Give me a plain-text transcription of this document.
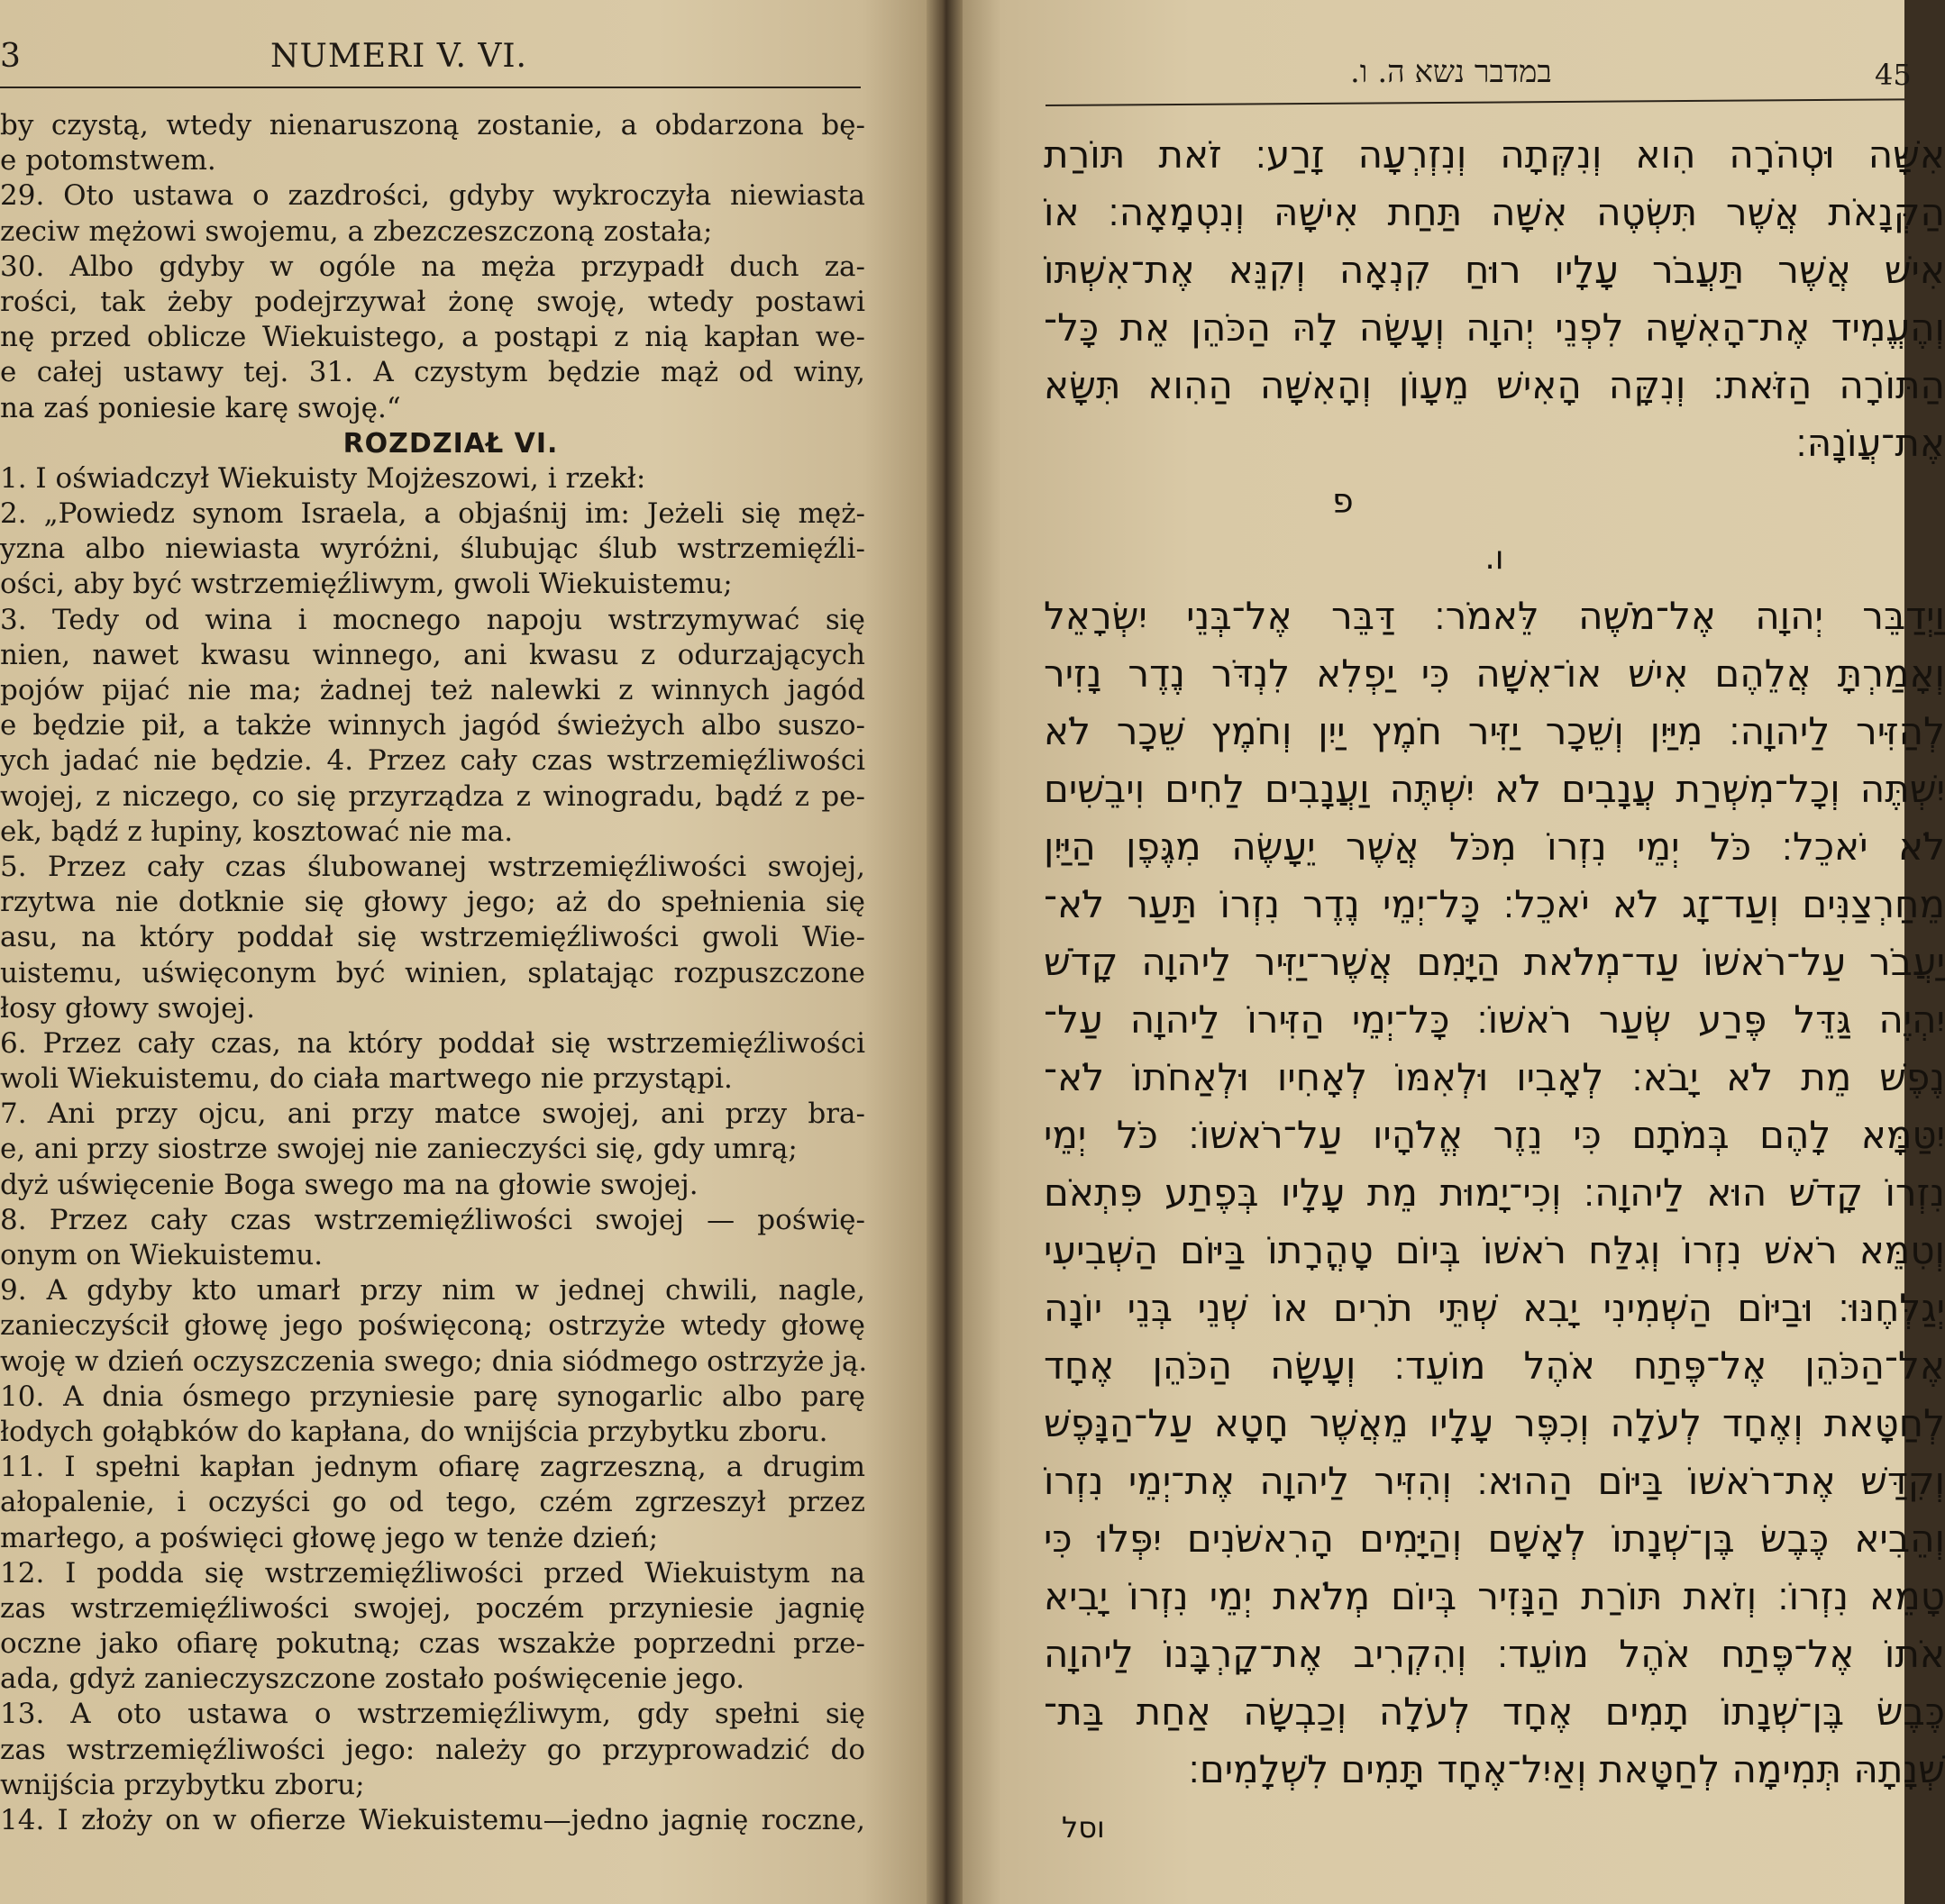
3	NUMERI V. VI.
by czystą, wtedy nienaruszoną zostanie, a obdarzona bę-
e potomstwem.
29. Oto ustawa o zazdrości, gdyby wykroczyła niewiasta
zeciw mężowi swojemu, a zbezczeszczoną została;
30. Albo gdyby w ogóle na męża przypadł duch za-
rości, tak żeby podejrzywał żonę swoję, wtedy postawi
nę przed oblicze Wiekuistego, a postąpi z nią kapłan we-
e całej ustawy tej. 31. A czystym będzie mąż od winy,
na zaś poniesie karę swoję.“
ROZDZIAŁ VI.
1. I oświadczył Wiekuisty Mojżeszowi, i rzekł:
2. „Powiedz synom Israela, a objaśnij im: Jeżeli się męż-
yzna albo niewiasta wyróżni, ślubując ślub wstrzemięźli-
ości, aby być wstrzemięźliwym, gwoli Wiekuistemu;
3. Tedy od wina i mocnego napoju wstrzymywać się
nien, nawet kwasu winnego, ani kwasu z odurzających
pojów pijać nie ma; żadnej też nalewki z winnych jagód
e będzie pił, a także winnych jagód świeżych albo suszo-
ych jadać nie będzie. 4. Przez cały czas wstrzemięźliwości
wojej, z niczego, co się przyrządza z winogradu, bądź z pe-
ek, bądź z łupiny, kosztować nie ma.
5. Przez cały czas ślubowanej wstrzemięźliwości swojej,
rzytwa nie dotknie się głowy jego; aż do spełnienia się
asu, na który poddał się wstrzemięźliwości gwoli Wie-
uistemu, uświęconym być winien, splatając rozpuszczone
łosy głowy swojej.
6. Przez cały czas, na który poddał się wstrzemięźliwości
woli Wiekuistemu, do ciała martwego nie przystąpi.
7. Ani przy ojcu, ani przy matce swojej, ani przy bra-
e, ani przy siostrze swojej nie zanieczyści się, gdy umrą;
dyż uświęcenie Boga swego ma na głowie swojej.
8. Przez cały czas wstrzemięźliwości swojej — poświę-
onym on Wiekuistemu.
9. A gdyby kto umarł przy nim w jednej chwili, nagle,
zanieczyścił głowę jego poświęconą; ostrzyże wtedy głowę
woję w dzień oczyszczenia swego; dnia siódmego ostrzyże ją.
10. A dnia ósmego przyniesie parę synogarlic albo parę
łodych gołąbków do kapłana, do wnijścia przybytku zboru.
11. I spełni kapłan jednym ofiarę zagrzeszną, a drugim
ałopalenie, i oczyści go od tego, czém zgrzeszył przez
marłego, a poświęci głowę jego w tenże dzień;
12. I podda się wstrzemięźliwości przed Wiekuistym na
zas wstrzemięźliwości swojej, poczém przyniesie jagnię
oczne jako ofiarę pokutną; czas wszakże poprzedni prze-
ada, gdyż zanieczyszczone zostało poświęcenie jego.
13. A oto ustawa o wstrzemięźliwym, gdy spełni się
zas wstrzemięźliwości jego: należy go przyprowadzić do
wnijścia przybytku zboru;
14. I złoży on w ofierze Wiekuistemu—jedno jagnię roczne,
במדבר נשא ה. ו.	45
אִשָּׁה וּטְהֹרָה הִוא וְנִקְּתָה וְנִזְרְעָה זָרַע׃ זֹאת תּוֹרַת
הַקְּנָאֹת אֲשֶׁר תִּשְׂטֶה אִשָּׁה תַּחַת אִישָׁהּ וְנִטְמָאָה׃ אוֹ
אִישׁ אֲשֶׁר תַּעֲבֹר עָלָיו רוּחַ קִנְאָה וְקִנֵּא אֶת־אִשְׁתּוֹ
וְהֶעֱמִיד אֶת־הָאִשָּׁה לִפְנֵי יְהוָה וְעָשָׂה לָהּ הַכֹּהֵן אֵת כָּל־
הַתּוֹרָה הַזֹּאת׃ וְנִקָּה הָאִישׁ מֵעָוֹן וְהָאִשָּׁה הַהִוא תִּשָּׂא
אֶת־עֲוֹנָהּ׃
פ
ו.
וַיְדַבֵּר יְהוָה אֶל־מֹשֶׁה לֵּאמֹר׃ דַּבֵּר אֶל־בְּנֵי יִשְׂרָאֵל
וְאָמַרְתָּ אֲלֵהֶם אִישׁ אוֹ־אִשָּׁה כִּי יַפְלִא לִנְדֹּר נֶדֶר נָזִיר
לְהַזִּיר לַיהוָה׃ מִיַּיִן וְשֵׁכָר יַזִּיר חֹמֶץ יַיִן וְחֹמֶץ שֵׁכָר לֹא
יִשְׁתֶּה וְכָל־מִשְׁרַת עֲנָבִים לֹא יִשְׁתֶּה וַעֲנָבִים לַחִים וִיבֵשִׁים
לֹא יֹאכֵל׃ כֹּל יְמֵי נִזְרוֹ מִכֹּל אֲשֶׁר יֵעָשֶׂה מִגֶּפֶן הַיַּיִן
מֵחַרְצַנִּים וְעַד־זָג לֹא יֹאכֵל׃ כָּל־יְמֵי נֶדֶר נִזְרוֹ תַּעַר לֹא־
יַעֲבֹר עַל־רֹאשׁוֹ עַד־מְלֹאת הַיָּמִם אֲשֶׁר־יַזִּיר לַיהוָה קָדֹשׁ
יִהְיֶה גַּדֵּל פֶּרַע שְׂעַר רֹאשׁוֹ׃ כָּל־יְמֵי הַזִּירוֹ לַיהוָה עַל־
נֶפֶשׁ מֵת לֹא יָבֹא׃ לְאָבִיו וּלְאִמּוֹ לְאָחִיו וּלְאַחֹתוֹ לֹא־
יִטַּמָּא לָהֶם בְּמֹתָם כִּי נֵזֶר אֱלֹהָיו עַל־רֹאשׁוֹ׃ כֹּל יְמֵי
נִזְרוֹ קָדֹשׁ הוּא לַיהוָה׃ וְכִי־יָמוּת מֵת עָלָיו בְּפֶתַע פִּתְאֹם
וְטִמֵּא רֹאשׁ נִזְרוֹ וְגִלַּח רֹאשׁוֹ בְּיוֹם טָהֳרָתוֹ בַּיּוֹם הַשְּׁבִיעִי
יְגַלְּחֶנּוּ׃ וּבַיּוֹם הַשְּׁמִינִי יָבִא שְׁתֵּי תֹרִים אוֹ שְׁנֵי בְּנֵי יוֹנָה
אֶל־הַכֹּהֵן אֶל־פֶּתַח אֹהֶל מוֹעֵד׃ וְעָשָׂה הַכֹּהֵן אֶחָד
לְחַטָּאת וְאֶחָד לְעֹלָה וְכִפֶּר עָלָיו מֵאֲשֶׁר חָטָא עַל־הַנָּפֶשׁ
וְקִדַּשׁ אֶת־רֹאשׁוֹ בַּיּוֹם הַהוּא׃ וְהִזִּיר לַיהוָה אֶת־יְמֵי נִזְרוֹ
וְהֵבִיא כֶּבֶשׂ בֶּן־שְׁנָתוֹ לְאָשָׁם וְהַיָּמִים הָרִאשֹׁנִים יִפְּלוּ כִּי
טָמֵא נִזְרוֹ׃ וְזֹאת תּוֹרַת הַנָּזִיר בְּיוֹם מְלֹאת יְמֵי נִזְרוֹ יָבִיא
אֹתוֹ אֶל־פֶּתַח אֹהֶל מוֹעֵד׃ וְהִקְרִיב אֶת־קָרְבָּנוֹ לַיהוָה
כֶּבֶשׂ בֶּן־שְׁנָתוֹ תָמִים אֶחָד לְעֹלָה וְכַבְשָׂה אַחַת בַּת־
שְׁנָתָהּ תְּמִימָה לְחַטָּאת וְאַיִל־אֶחָד תָּמִים לִשְׁלָמִים׃
וסל
